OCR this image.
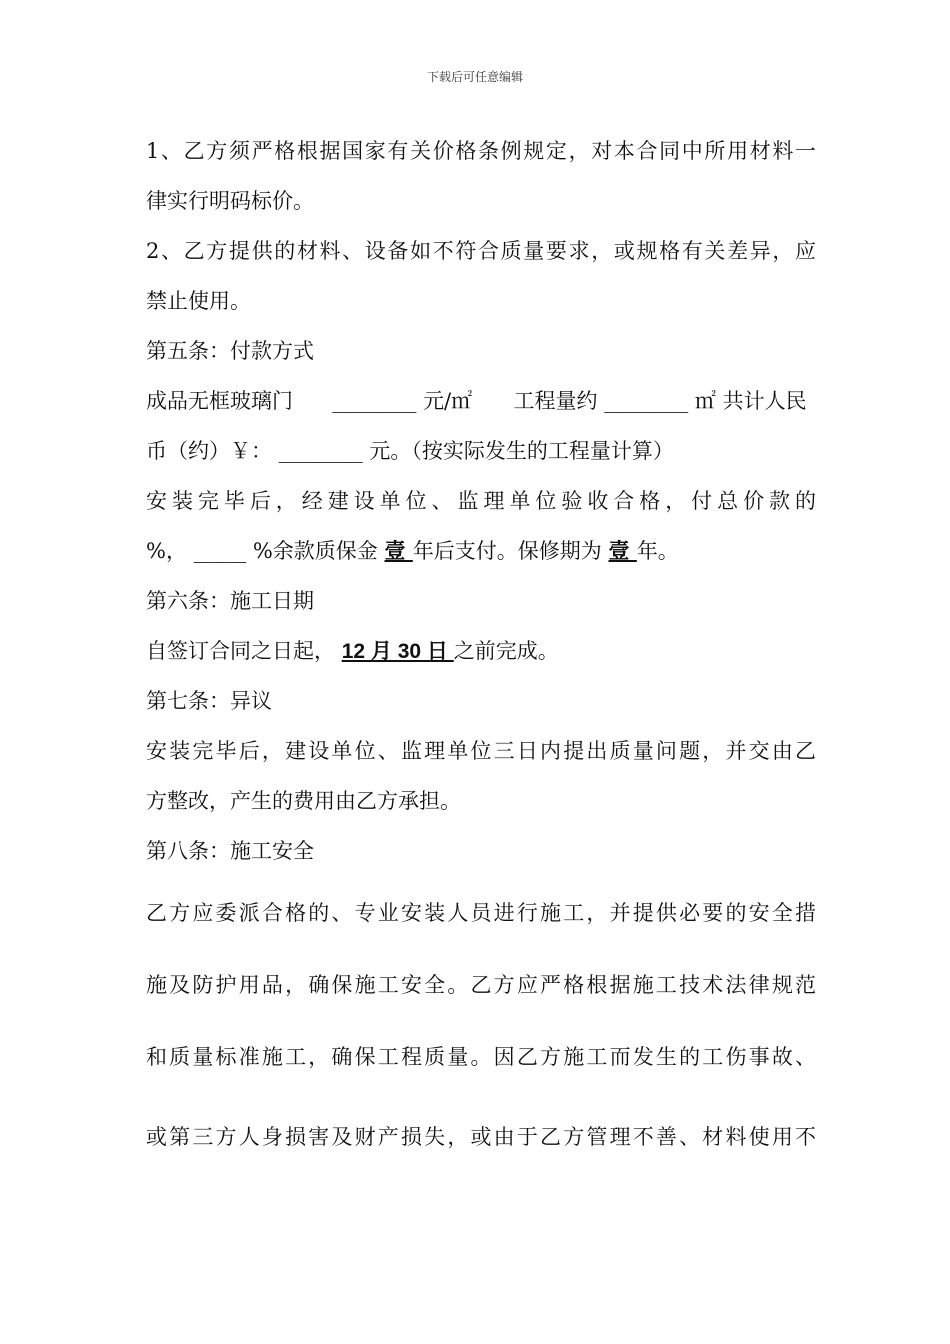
下载后可任意编辑
1、乙方须严格根据国家有关价格条例规定，对本合同中所用材料一
律实行明码标价。
2、乙方提供的材料、设备如不符合质量要求，或规格有关差异，应
禁止使用。
第五条：付款方式
成品无框玻璃门 ________ 元/㎡ 工程量约 ________ ㎡ 共计人民
币（约）￥： ________ 元。（按实际发生的工程量计算）
安装完毕后，经建设单位、监理单位验收合格，付总价款的
%， _____ %余款质保金 壹 年后支付。保修期为 壹 年。
第六条：施工日期
自签订合同之日起， 12 月 30 日 之前完成。
第七条：异议
安装完毕后，建设单位、监理单位三日内提出质量问题，并交由乙
方整改，产生的费用由乙方承担。
第八条：施工安全
乙方应委派合格的、专业安装人员进行施工，并提供必要的安全措
施及防护用品，确保施工安全。乙方应严格根据施工技术法律规范
和质量标准施工，确保工程质量。因乙方施工而发生的工伤事故、
或第三方人身损害及财产损失，或由于乙方管理不善、材料使用不
